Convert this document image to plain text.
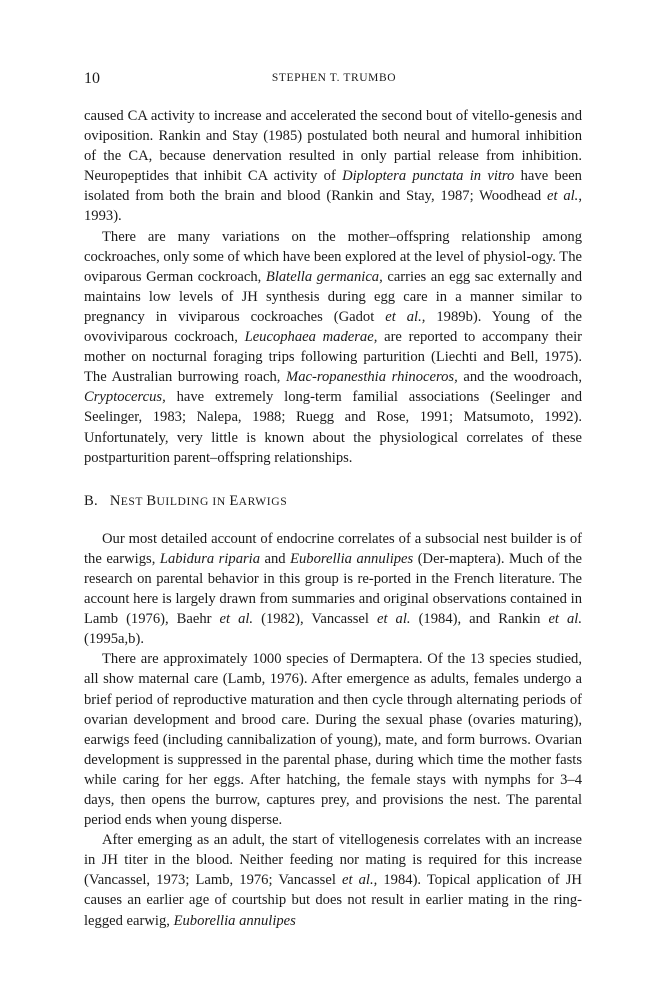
10	STEPHEN T. TRUMBO

caused CA activity to increase and accelerated the second bout of vitello-genesis and oviposition. Rankin and Stay (1985) postulated both neural and humoral inhibition of the CA, because denervation resulted in only partial release from inhibition. Neuropeptides that inhibit CA activity of Diploptera punctata in vitro have been isolated from both the brain and blood (Rankin and Stay, 1987; Woodhead et al., 1993).

There are many variations on the mother–offspring relationship among cockroaches, only some of which have been explored at the level of physiol-ogy. The oviparous German cockroach, Blatella germanica, carries an egg sac externally and maintains low levels of JH synthesis during egg care in a manner similar to pregnancy in viviparous cockroaches (Gadot et al., 1989b). Young of the ovoviviparous cockroach, Leucophaea maderae, are reported to accompany their mother on nocturnal foraging trips following parturition (Liechti and Bell, 1975). The Australian burrowing roach, Mac-ropanesthia rhinoceros, and the woodroach, Cryptocercus, have extremely long-term familial associations (Seelinger and Seelinger, 1983; Nalepa, 1988; Ruegg and Rose, 1991; Matsumoto, 1992). Unfortunately, very little is known about the physiological correlates of these postparturition parent–​offspring relationships.

B. NEST BUILDING IN EARWIGS

Our most detailed account of endocrine correlates of a subsocial nest builder is of the earwigs, Labidura riparia and Euborellia annulipes (Der-maptera). Much of the research on parental behavior in this group is re-ported in the French literature. The account here is largely drawn from summaries and original observations contained in Lamb (1976), Baehr et al. (1982), Vancassel et al. (1984), and Rankin et al. (1995a,b).

There are approximately 1000 species of Dermaptera. Of the 13 species studied, all show maternal care (Lamb, 1976). After emergence as adults, females undergo a brief period of reproductive maturation and then cycle through alternating periods of ovarian development and brood care. During the sexual phase (ovaries maturing), earwigs feed (including cannibalization of young), mate, and form burrows. Ovarian development is suppressed in the parental phase, during which time the mother fasts while caring for her eggs. After hatching, the female stays with nymphs for 3–4 days, then opens the burrow, captures prey, and provisions the nest. The parental period ends when young disperse.

After emerging as an adult, the start of vitellogenesis correlates with an increase in JH titer in the blood. Neither feeding nor mating is required for this increase (Vancassel, 1973; Lamb, 1976; Vancassel et al., 1984). Topical application of JH causes an earlier age of courtship but does not result in earlier mating in the ring-legged earwig, Euborellia annulipes
